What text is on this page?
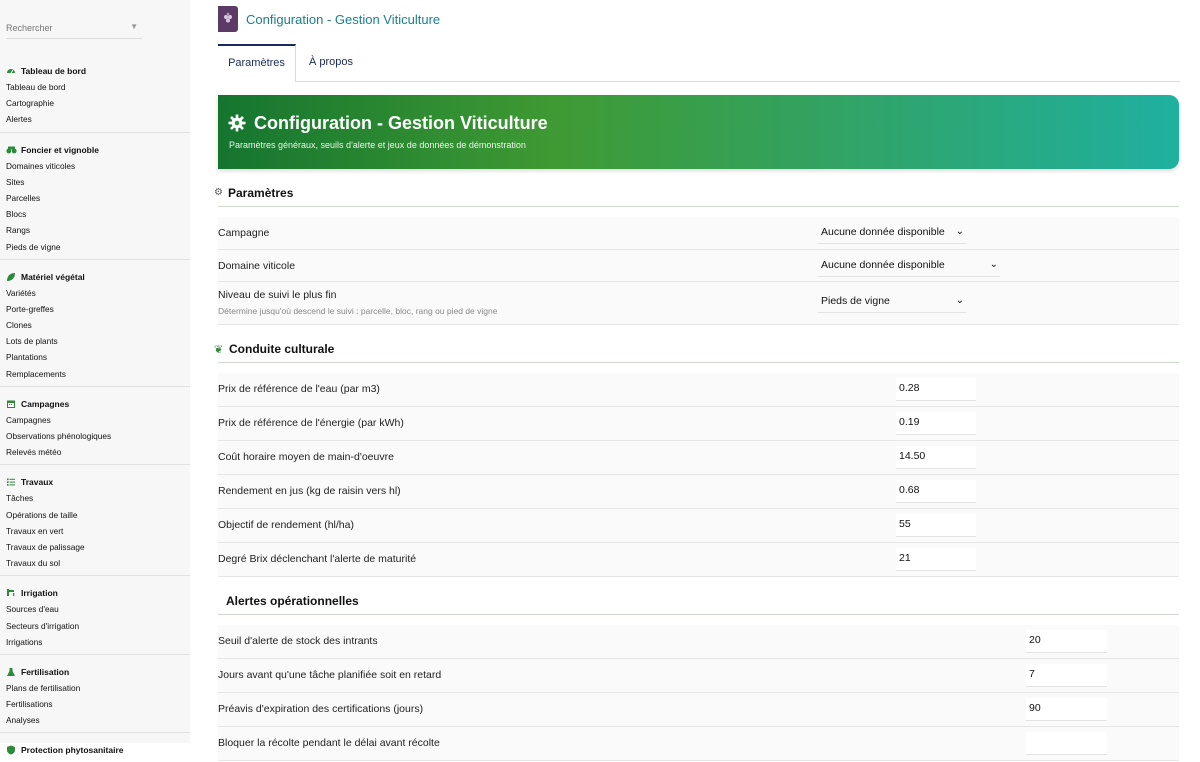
Rechercher
▼
Tableau de bord
Tableau de bord
Cartographie
Alertes
Foncier et vignoble
Domaines viticoles
Sites
Parcelles
Blocs
Rangs
Pieds de vigne
Matériel végétal
Variétés
Porte-greffes
Clones
Lots de plants
Plantations
Remplacements
Campagnes
Campagnes
Observations phénologiques
Relevés météo
Travaux
Tâches
Opérations de taille
Travaux en vert
Travaux de palissage
Travaux du sol
Irrigation
Sources d'eau
Secteurs d'irrigation
Irrigations
Fertilisation
Plans de fertilisation
Fertilisations
Analyses
Protection phytosanitaire
Configuration - Gestion Viticulture
Paramètres	À propos
Configuration - Gestion Viticulture
Paramètres généraux, seuils d'alerte et jeux de données de démonstration
⚙ Paramètres
Campagne	Aucune donnée disponible ⌄
Domaine viticole	Aucune donnée disponible	⌄
Niveau de suivi le plus fin
Détermine jusqu'où descend le suivi : parcelle, bloc, rang ou pied de vigne
Pieds de vigne	⌄
❦ Conduite culturale
Prix de référence de l'eau (par m3)	0.28
Prix de référence de l'énergie (par kWh)	0.19
Coût horaire moyen de main-d'oeuvre	14.50
Rendement en jus (kg de raisin vers hl)	0.68
Objectif de rendement (hl/ha)	55
Degré Brix déclenchant l'alerte de maturité	21
Alertes opérationnelles
Seuil d'alerte de stock des intrants	20
Jours avant qu'une tâche planifiée soit en retard	7
Préavis d'expiration des certifications (jours)	90
Bloquer la récolte pendant le délai avant récolte
